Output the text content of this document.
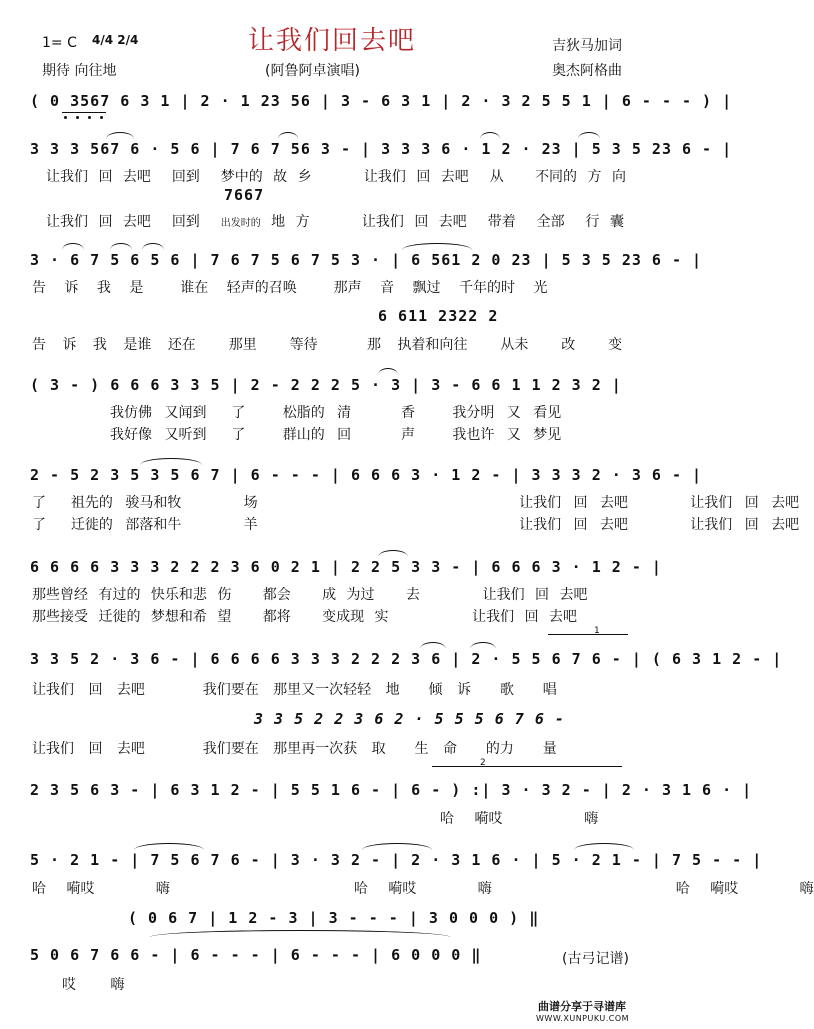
让我们回去吧
1= C 4/4 2/4	吉狄马加词
期待 向往地	(阿鲁阿卓演唱)	奥杰阿格曲
( 0 3567 6 3 1 | 2 · 1 23 56 | 3 - 6 3 1 | 2 · 3 2 5 5 1 | 6 - - - ) |
3 3 3 567 6 · 5 6 | 7 6 7 56 3 - | 3 3 3 6 · 1 2 · 23 | 5 3 5 23 6 - |
让我们 回 去吧 回到 梦中的 故 乡	让我们 回 去吧 从 不同的 方 向
7667
让我们 回 去吧 回到 出发时的 地 方	让我们 回 去吧 带着 全部 行 囊
3 · 6 7 5 6 5 6 | 7 6 7 5 6 7 5 3 · | 6 561 2 0 23 | 5 3 5 23 6 - |
告 诉 我 是	谁在 轻声的召唤	那声 音 飘过 千年的时 光
6 611 2322 2
告 诉 我 是谁 还在 那里 等待	那 执着和向往 从未 改 变
( 3 - ) 6 6 6 3 3 5 | 2 - 2 2 2 5 · 3 | 3 - 6 6 1 1 2 3 2 |
我仿佛 又闻到 了	松脂的 清	香	我分明 又 看见
我好像 又听到 了	群山的 回	声	我也许 又 梦见
2 - 5 2 3 5 3 5 6 7 | 6 - - - | 6 6 6 3 · 1 2 - | 3 3 3 2 · 3 6 - |
了 祖先的 骏马和牧	场	让我们 回 去吧	让我们 回 去吧
了 迁徙的 部落和牛	羊	让我们 回 去吧	让我们 回 去吧
6 6 6 6 3 3 3 2 2 2 3 6 0 2 1 | 2 2 5 3 3 - | 6 6 6 3 · 1 2 - |
那些曾经 有过的 快乐和悲 伤 都会 成 为过 去	让我们 回 去吧
那些接受 迁徙的 梦想和希 望 都将 变成现 实	让我们 回 去吧
1
3 3 5 2 · 3 6 - | 6 6 6 6 3 3 3 2 2 2 3 6 | 2 · 5 5 6 7 6 - | ( 6 3 1 2 - |
让我们 回 去吧	我们要在 那里又一次轻轻 地 倾 诉 歌 唱
3 3 5 2 2 3 6 2 · 5 5 5 6 7 6 -
让我们 回 去吧	我们要在 那里再一次获 取 生 命 的力 量
2
2 3 5 6 3 - | 6 3 1 2 - | 5 5 1 6 - | 6 - ) :| 3 · 3 2 - | 2 · 3 1 6 · |
哈 嗬哎	嗨
5 · 2 1 - | 7 5 6 7 6 - | 3 · 3 2 - | 2 · 3 1 6 · | 5 · 2 1 - | 7 5 - - |
哈 嗬哎	嗨	哈 嗬哎	嗨	哈 嗬哎	嗨
( 0 6 7 | 1 2 - 3 | 3 - - - | 3 0 0 0 ) ‖
5 0 6 7 6 6 - | 6 - - - | 6 - - - | 6 0 0 0 ‖
哎 嗨
(古弓记谱)
曲谱分享于寻谱库
WWW.XUNPUKU.COM
